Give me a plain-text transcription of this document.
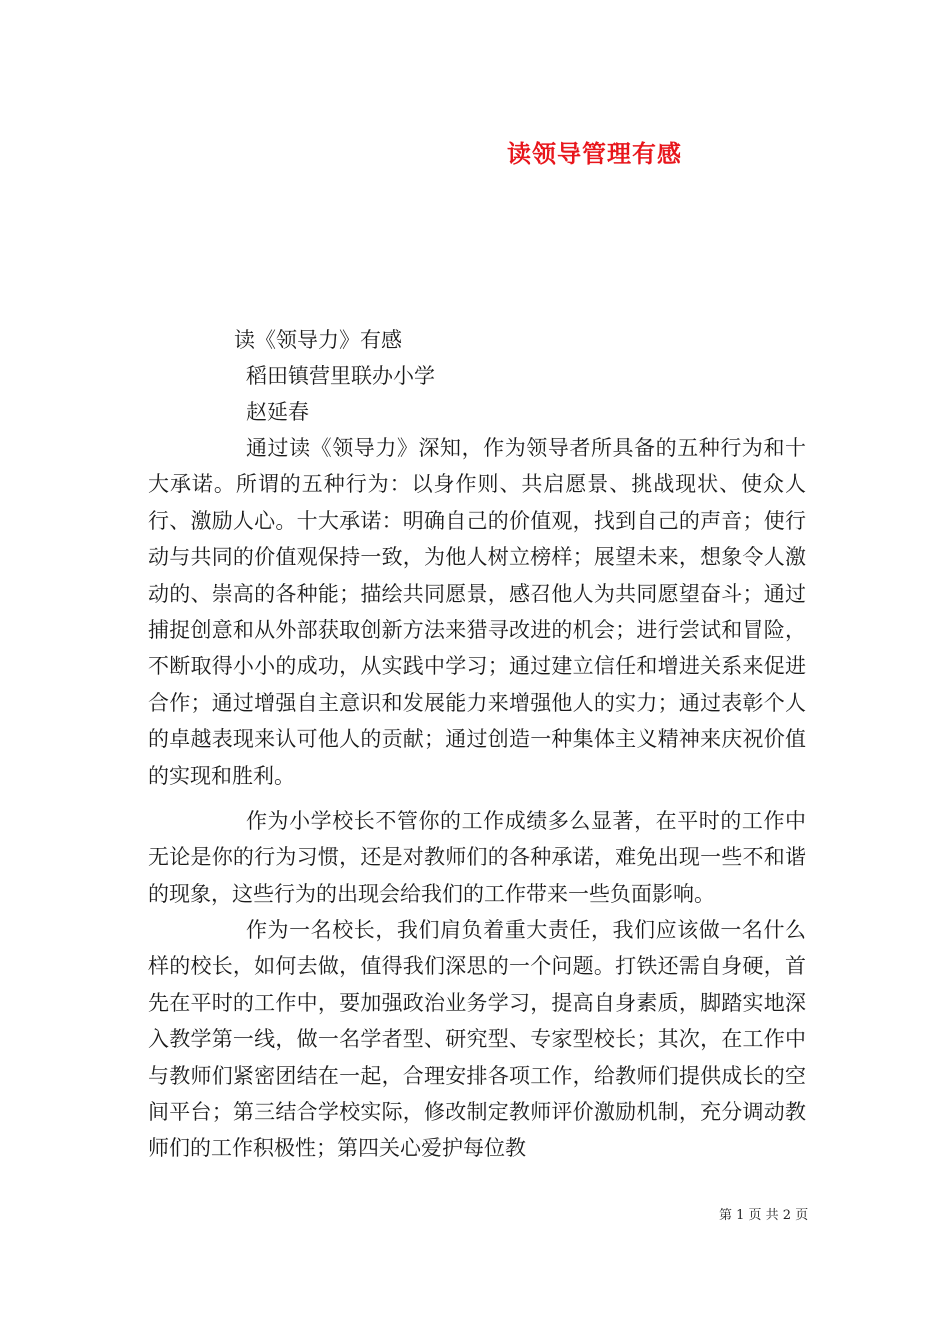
读领导管理有感
读《领导力》有感
稻田镇营里联办小学
赵延春

通过读《领导力》深知，作为领导者所具备的五种行为和十大承诺。所谓的五种行为：以身作则、共启愿景、挑战现状、使众人行、激励人心。十大承诺：明确自己的价值观，找到自己的声音；使行动与共同的价值观保持一致，为他人树立榜样；展望未来，想象令人激动的、崇高的各种能；描绘共同愿景，感召他人为共同愿望奋斗；通过捕捉创意和从外部获取创新方法来猎寻改进的机会；进行尝试和冒险，不断取得小小的成功，从实践中学习；通过建立信任和增进关系来促进合作；通过增强自主意识和发展能力来增强他人的实力；通过表彰个人的卓越表现来认可他人的贡献；通过创造一种集体主义精神来庆祝价值的实现和胜利。

作为小学校长不管你的工作成绩多么显著，在平时的工作中无论是你的行为习惯，还是对教师们的各种承诺，难免出现一些不和谐的现象，这些行为的出现会给我们的工作带来一些负面影响。

作为一名校长，我们肩负着重大责任，我们应该做一名什么样的校长，如何去做，值得我们深思的一个问题。打铁还需自身硬，首先在平时的工作中，要加强政治业务学习，提高自身素质，脚踏实地深入教学第一线，做一名学者型、研究型、专家型校长；其次，在工作中与教师们紧密团结在一起，合理安排各项工作，给教师们提供成长的空间平台；第三结合学校实际，修改制定教师评价激励机制，充分调动教师们的工作积极性；第四关心爱护每位教

第 1 页 共 2 页
